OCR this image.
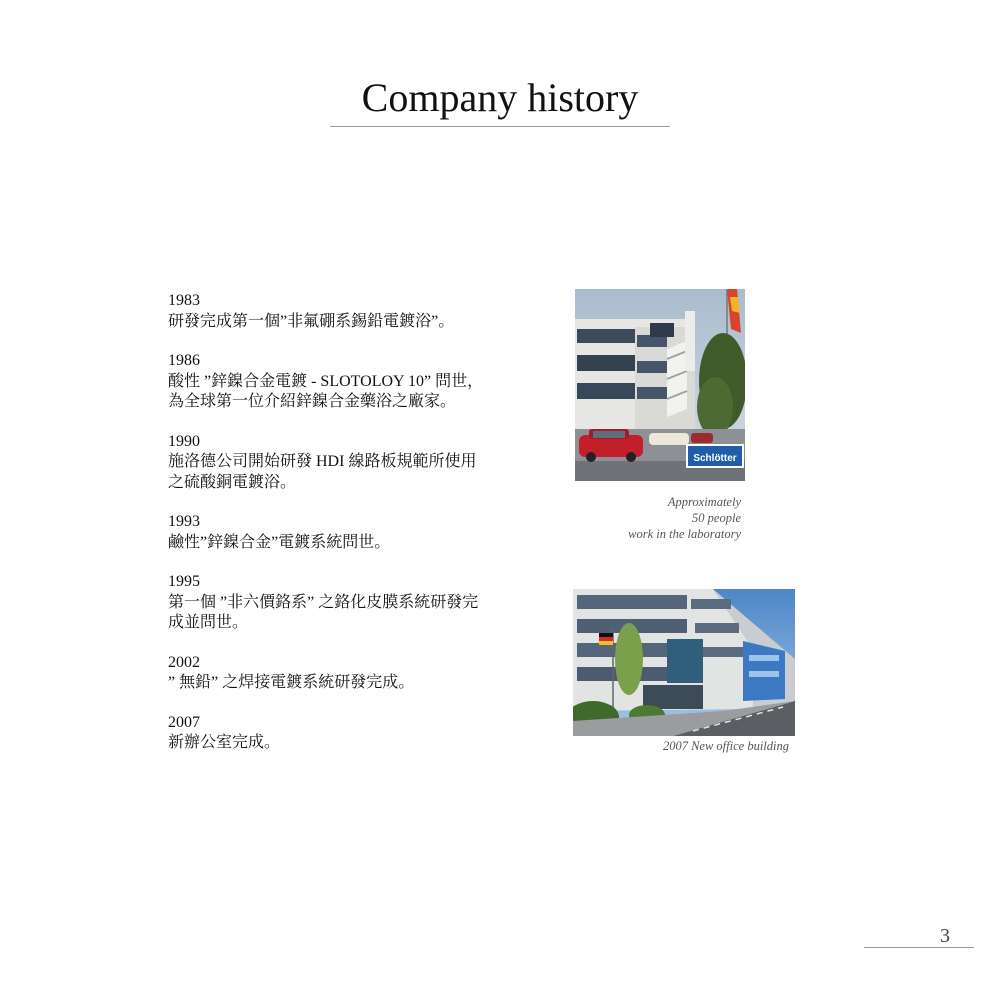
Company history
1983
研發完成第一個”非氟硼系錫鉛電鍍浴”。
1986
酸性 ”鋅鎳合金電鍍 - SLOTOLOY 10” 問世，
為全球第一位介紹鋅鎳合金藥浴之廠家。
1990
施洛德公司開始研發 HDI 線路板規範所使用
之硫酸銅電鍍浴。
1993
鹼性”鋅鎳合金”電鍍系統問世。
1995
第一個 ”非六價鉻系” 之鉻化皮膜系統研發完
成並問世。
2002
” 無鉛” 之焊接電鍍系統研發完成。
2007
新辦公室完成。
Schlötter
Approximately
50 people
work in the laboratory
2007 New office building
3
